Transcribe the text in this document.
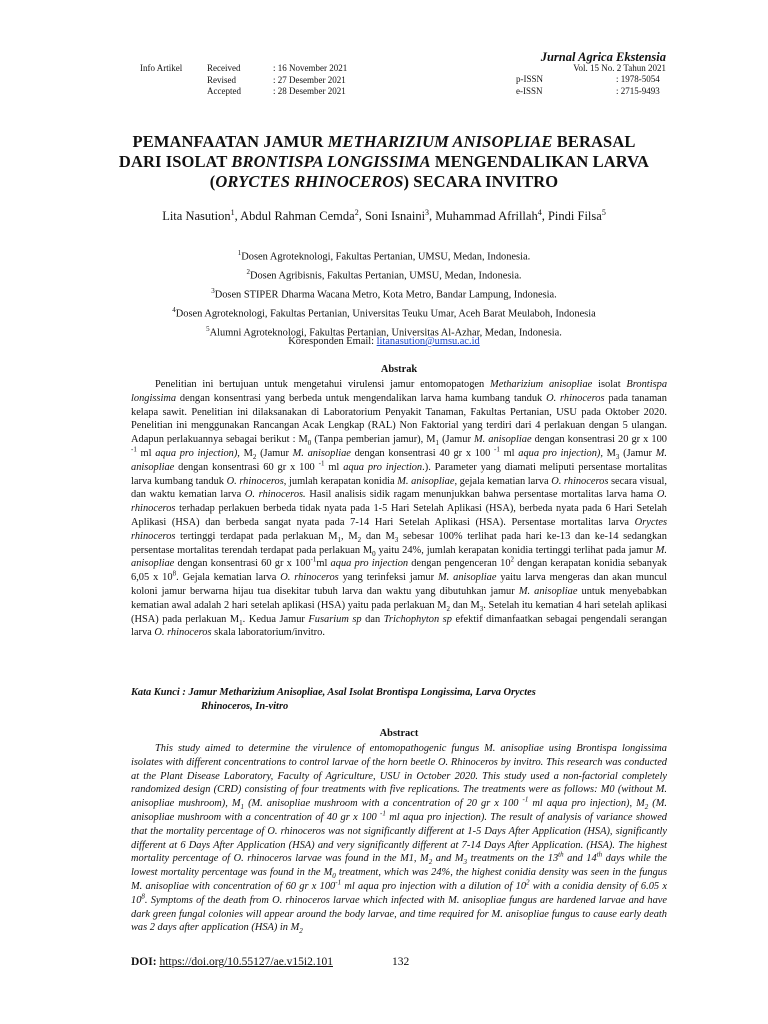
Info Artikel	Received	: 16 November 2021
Revised	: 27 Desember 2021
Accepted	: 28 Desember 2021
Jurnal Agrica Ekstensia
Vol. 15 No. 2 Tahun 2021
p-ISSN	: 1978-5054
e-ISSN	: 2715-9493
PEMANFAATAN JAMUR METHARIZIUM ANISOPLIAE BERASAL
DARI ISOLAT BRONTISPA LONGISSIMA MENGENDALIKAN LARVA
(ORYCTES RHINOCEROS) SECARA INVITRO
Lita Nasution$^1$, Abdul Rahman Cemda$^2$, Soni Isnaini$^3$, Muhammad Afrillah$^4$, Pindi Filsa$^5$
$^1$Dosen Agroteknologi, Fakultas Pertanian, UMSU, Medan, Indonesia.
$^2$Dosen Agribisnis, Fakultas Pertanian, UMSU, Medan, Indonesia.
$^3$Dosen STIPER Dharma Wacana Metro, Kota Metro, Bandar Lampung, Indonesia.
$^4$Dosen Agroteknologi, Fakultas Pertanian, Universitas Teuku Umar, Aceh Barat Meulaboh, Indonesia
$^5$Alumni Agroteknologi, Fakultas Pertanian, Universitas Al-Azhar, Medan, Indonesia.
Koresponden Email: litanasution@umsu.ac.id
Abstrak
Penelitian ini bertujuan untuk mengetahui virulensi jamur entomopatogen Metharizium anisopliae isolat Brontispa longissima dengan konsentrasi yang berbeda untuk mengendalikan larva hama kumbang tanduk O. rhinoceros pada tanaman kelapa sawit. Penelitian ini dilaksanakan di Laboratorium Penyakit Tanaman, Fakultas Pertanian, USU pada Oktober 2020. Penelitian ini menggunakan Rancangan Acak Lengkap (RAL) Non Faktorial yang terdiri dari 4 perlakuan dengan 5 ulangan. Adapun perlakuannya sebagai berikut : $M_0$ (Tanpa pemberian jamur), $M_1$ (Jamur M. anisopliae dengan konsentrasi 20 gr x 100 $^{-1}$ ml aqua pro injection), $M_2$ (Jamur M. anisopliae dengan konsentrasi 40 gr x 100 $^{-1}$ ml aqua pro injection), $M_3$ (Jamur M. anisopliae dengan konsentrasi 60 gr x 100 $^{-1}$ ml aqua pro injection.). Parameter yang diamati meliputi persentase mortalitas larva kumbang tanduk O. rhinoceros, jumlah kerapatan konidia M. anisopliae, gejala kematian larva O. rhinoceros secara visual, dan waktu kematian larva O. rhinoceros. Hasil analisis sidik ragam menunjukkan bahwa persentase mortalitas larva hama O. rhinoceros terhadap perlakuen berbeda tidak nyata pada 1-5 Hari Setelah Aplikasi (HSA), berbeda nyata pada 6 Hari Setelah Aplikasi (HSA) dan berbeda sangat nyata pada 7-14 Hari Setelah Aplikasi (HSA). Persentase mortalitas larva Oryctes rhinoceros tertinggi terdapat pada perlakuan $M_1$, $M_2$ dan $M_3$ sebesar 100% terlihat pada hari ke-13 dan ke-14 sedangkan persentase mortalitas terendah terdapat pada perlakuan $M_0$ yaitu 24%, jumlah kerapatan konidia tertinggi terlihat pada jamur M. anisopliae dengan konsentrasi 60 gr x $100^{-1}ml$ aqua pro injection dengan pengenceran $10^2$ dengan kerapatan konidia sebanyak 6,05 x $10^8$. Gejala kematian larva O. rhinoceros yang terinfeksi jamur M. anisopliae yaitu larva mengeras dan akan muncul koloni jamur berwarna hijau tua disekitar tubuh larva dan waktu yang dibutuhkan jamur M. anisopliae untuk menyebabkan kematian awal adalah 2 hari setelah aplikasi (HSA) yaitu pada perlakuan $M_2$ dan $M_3$. Setelah itu kematian 4 hari setelah aplikasi (HSA) pada perlakuan $M_1$. Kedua Jamur Fusarium sp dan Trichophyton sp efektif dimanfaatkan sebagai pengendali serangan larva O. rhinoceros skala laboratorium/invitro.
Kata Kunci : Jamur Metharizium Anisopliae, Asal Isolat Brontispa Longissima, Larva Oryctes
Rhinoceros, In-vitro
Abstract
This study aimed to determine the virulence of entomopathogenic fungus M. anisopliae using Brontispa longissima isolates with different concentrations to control larvae of the horn beetle O. Rhinoceros by invitro. This research was conducted at the Plant Disease Laboratory, Faculty of Agriculture, USU in October 2020. This study used a non-factorial completely randomized design (CRD) consisting of four treatments with five replications. The treatments were as follows: M0 (without M. anisopliae mushroom), $M_1$ (M. anisopliae mushroom with a concentration of 20 gr x 100 $^{-1}$ ml aqua pro injection), $M_2$ (M. anisopliae mushroom with a concentration of 40 gr x 100 $^{-1}$ ml aqua pro injection). The result of analysis of variance showed that the mortality percentage of O. rhinoceros was not significantly different at 1-5 Days After Application (HSA), significantly different at 6 Days After Application (HSA) and very significantly different at 7-14 Days After Application. (HSA). The highest mortality percentage of O. rhinoceros larvae was found in the M1, $M_2$ and $M_3$ treatments on the 13th and 14th days while the lowest mortality percentage was found in the $M_0$ treatment, which was 24%, the highest conidia density was seen in the fungus M. anisopliae with concentration of 60 gr x $100^{-1}$ ml aqua pro injection with a dilution of $10^2$ with a conidia density of 6.05 x $10^8$. Symptoms of the death from O. rhinoceros larvae which infected with M. anisopliae fungus are hardened larvae and have dark green fungal colonies will appear around the body larvae, and time required for M. anisopliae fungus to cause early death was 2 days after application (HSA) in $M_2$
DOI: https://doi.org/10.55127/ae.v15i2.101	132
